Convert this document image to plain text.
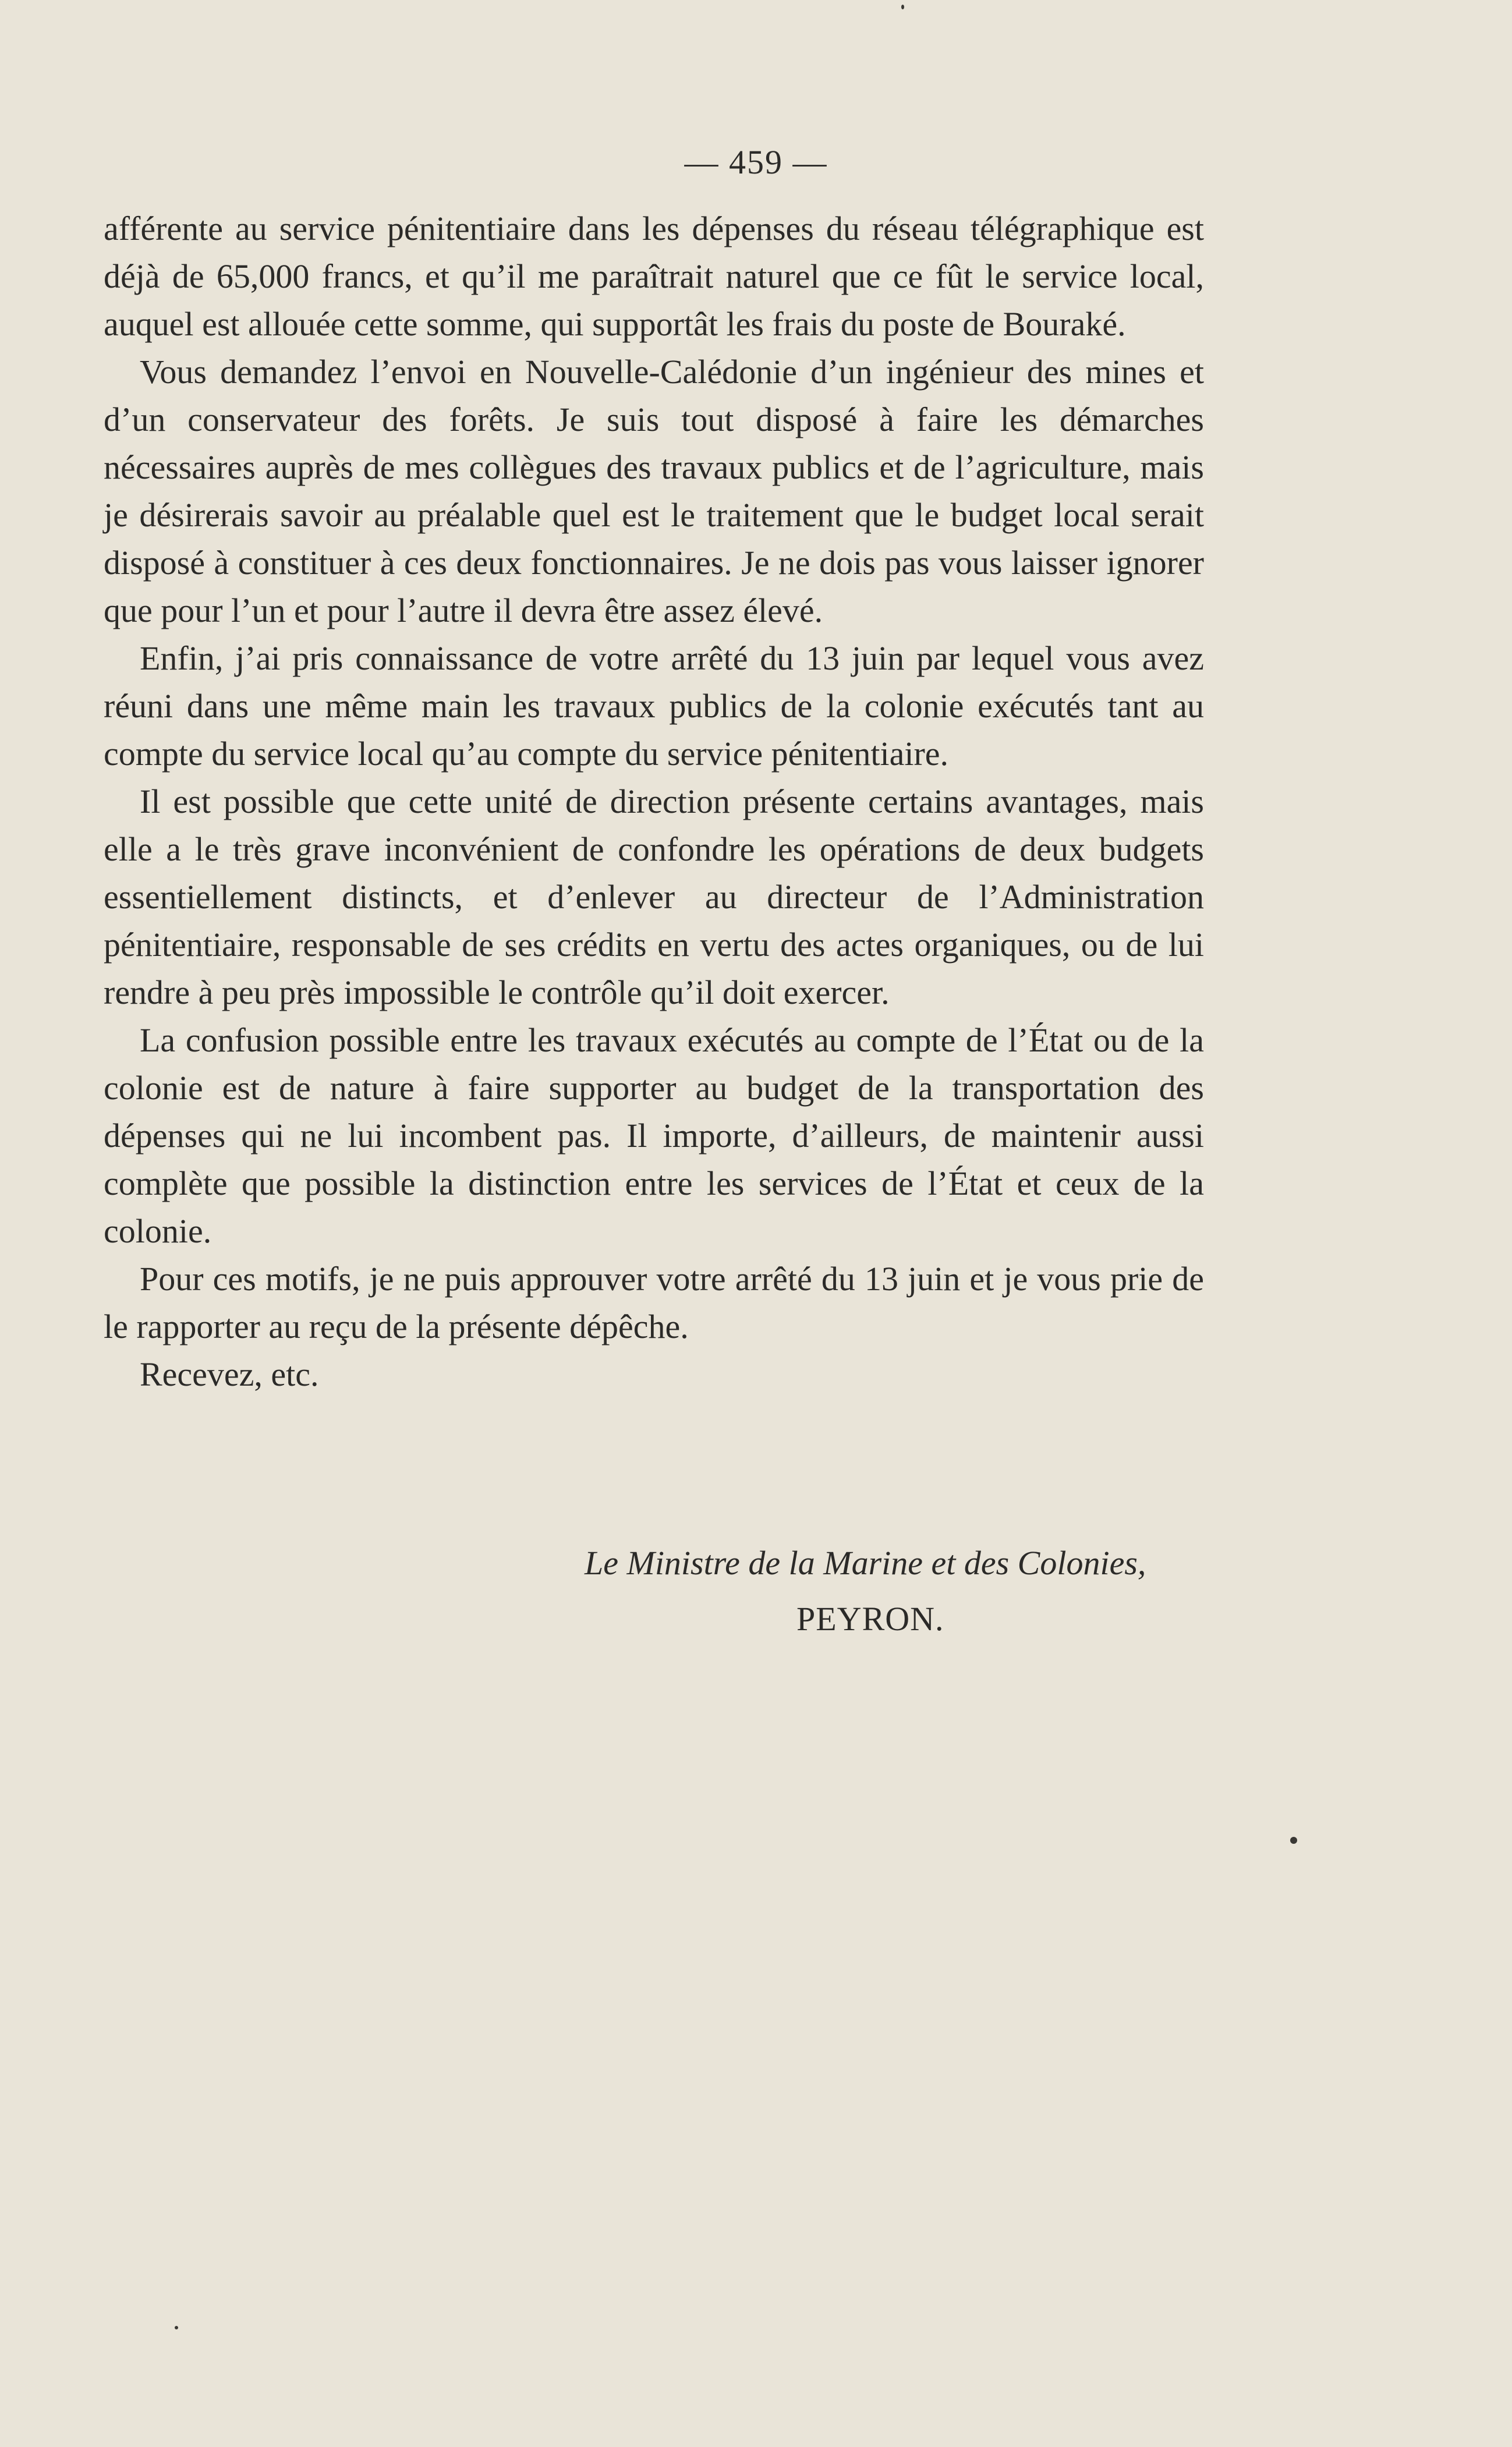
— 459 —

afférente au service pénitentiaire dans les dépenses du réseau télégraphique est déjà de 65,000 francs, et qu’il me paraîtrait naturel que ce fût le service local, auquel est allouée cette somme, qui supportât les frais du poste de Bouraké.

Vous demandez l’envoi en Nouvelle-Calédonie d’un ingénieur des mines et d’un conservateur des forêts. Je suis tout disposé à faire les démarches nécessaires auprès de mes collègues des travaux publics et de l’agriculture, mais je désirerais savoir au préalable quel est le traitement que le budget local serait disposé à constituer à ces deux fonctionnaires. Je ne dois pas vous laisser ignorer que pour l’un et pour l’autre il devra être assez élevé.

Enfin, j’ai pris connaissance de votre arrêté du 13 juin par lequel vous avez réuni dans une même main les travaux publics de la colonie exécutés tant au compte du service local qu’au compte du service pénitentiaire.

Il est possible que cette unité de direction présente certains avantages, mais elle a le très grave inconvénient de confondre les opérations de deux budgets essentiellement distincts, et d’enlever au directeur de l’Administration pénitentiaire, responsable de ses crédits en vertu des actes organiques, ou de lui rendre à peu près impossible le contrôle qu’il doit exercer.

La confusion possible entre les travaux exécutés au compte de l’État ou de la colonie est de nature à faire supporter au budget de la transportation des dépenses qui ne lui incombent pas. Il importe, d’ailleurs, de maintenir aussi complète que possible la distinction entre les services de l’État et ceux de la colonie.

Pour ces motifs, je ne puis approuver votre arrêté du 13 juin et je vous prie de le rapporter au reçu de la présente dépêche.

Recevez, etc.

Le Ministre de la Marine et des Colonies,
PEYRON.
